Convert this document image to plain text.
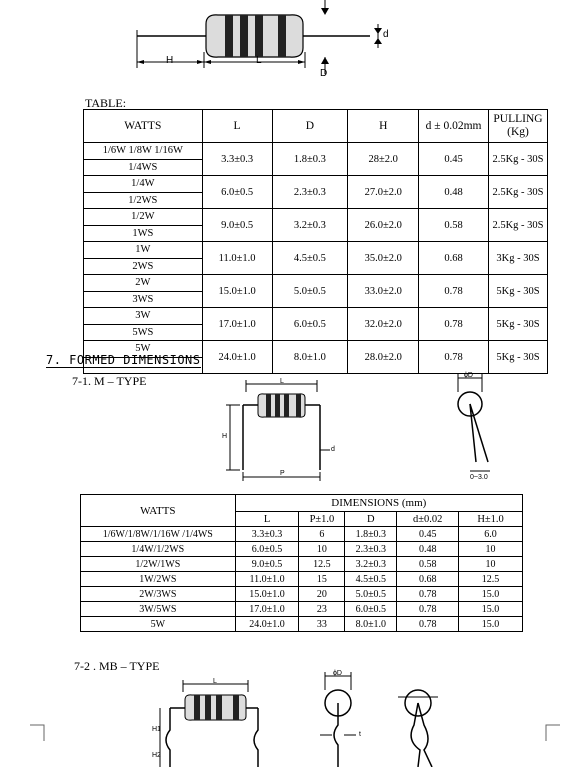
d
D
H	L
TABLE:
WATTS	L	D	H	d ± 0.02mm	PULLING
(Kg)
1/6W 1/8W 1/16W	3.3±0.3	1.8±0.3	28±2.0	0.45	2.5Kg - 30S
1/4WS					
1/4W	6.0±0.5	2.3±0.3	27.0±2.0	0.48	2.5Kg - 30S
1/2WS					
1/2W	9.0±0.5	3.2±0.3	26.0±2.0	0.58	2.5Kg - 30S
1WS					
1W	11.0±1.0	4.5±0.5	35.0±2.0	0.68	3Kg - 30S
2WS					
2W	15.0±1.0	5.0±0.5	33.0±2.0	0.78	5Kg - 30S
3WS					
3W	17.0±1.0	6.0±0.5	32.0±2.0	0.78	5Kg - 30S
5WS					
5W	24.0±1.0	8.0±1.0	28.0±2.0	0.78	5Kg - 30S

7. FORMED DIMENSIONS
7-1. M – TYPE	L
H
P
d
ϕD
0~3.0
WATTS	DIMENSIONS (mm)				
	L	P±1.0	D	d±0.02	H±1.0
1/6W/1/8W/1/16W /1/4WS	3.3±0.3	6	1.8±0.3	0.45	6.0
1/4W/1/2WS	6.0±0.5	10	2.3±0.3	0.48	10
1/2W/1WS	9.0±0.5	12.5	3.2±0.3	0.58	10
1W/2WS	11.0±1.0	15	4.5±0.5	0.68	12.5
2W/3WS	15.0±1.0	20	5.0±0.5	0.78	15.0
3W/5WS	17.0±1.0	23	6.0±0.5	0.78	15.0
5W	24.0±1.0	33	8.0±1.0	0.78	15.0
7-2 . MB – TYPE
L
H1
H2
t
ϕD
